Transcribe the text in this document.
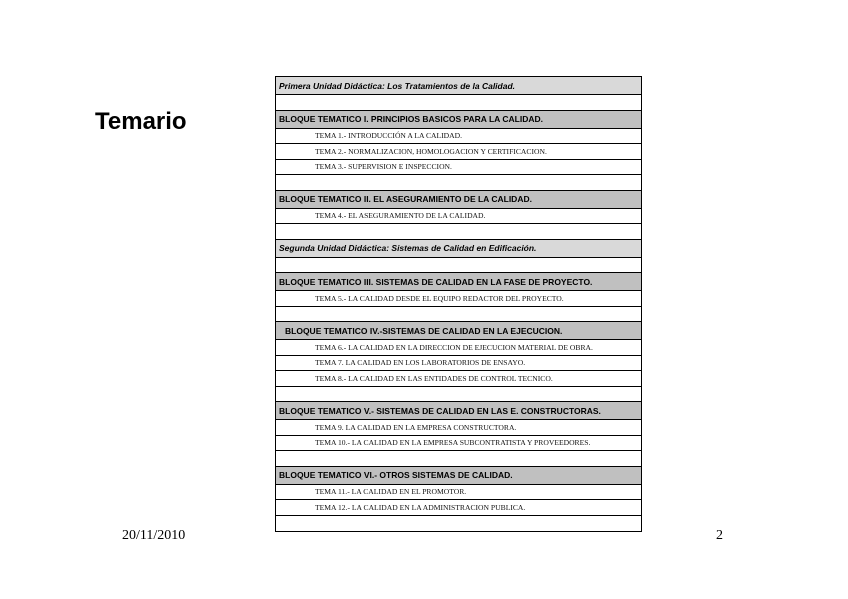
Temario
Primera Unidad Didáctica: Los Tratamientos de la Calidad.
BLOQUE TEMATICO I. PRINCIPIOS BASICOS PARA LA CALIDAD.
TEMA 1.- INTRODUCCIÓN A LA CALIDAD.
TEMA 2.- NORMALIZACION, HOMOLOGACION Y CERTIFICACION.
TEMA 3.- SUPERVISION E INSPECCION.
BLOQUE TEMATICO II. EL ASEGURAMIENTO DE LA CALIDAD.
TEMA 4.- EL ASEGURAMIENTO DE LA CALIDAD.
Segunda Unidad Didáctica: Sistemas de Calidad en Edificación.
BLOQUE TEMATICO III. SISTEMAS DE CALIDAD EN LA FASE DE PROYECTO.
TEMA 5.- LA CALIDAD DESDE EL EQUIPO REDACTOR DEL PROYECTO.
BLOQUE TEMATICO IV.-SISTEMAS DE CALIDAD EN LA EJECUCION.
TEMA 6.- LA CALIDAD EN LA DIRECCION DE EJECUCION MATERIAL DE OBRA.
TEMA 7. LA CALIDAD EN LOS LABORATORIOS DE ENSAYO.
TEMA 8.- LA CALIDAD EN LAS ENTIDADES DE CONTROL TECNICO.
BLOQUE TEMATICO V.- SISTEMAS DE CALIDAD EN LAS E. CONSTRUCTORAS.
TEMA 9. LA CALIDAD EN LA EMPRESA CONSTRUCTORA.
TEMA 10.- LA CALIDAD EN LA EMPRESA SUBCONTRATISTA Y PROVEEDORES.
BLOQUE TEMATICO VI.- OTROS SISTEMAS DE CALIDAD.
TEMA 11.- LA CALIDAD EN EL PROMOTOR.
TEMA 12.- LA CALIDAD EN LA ADMINISTRACION PUBLICA.
20/11/2010	2
